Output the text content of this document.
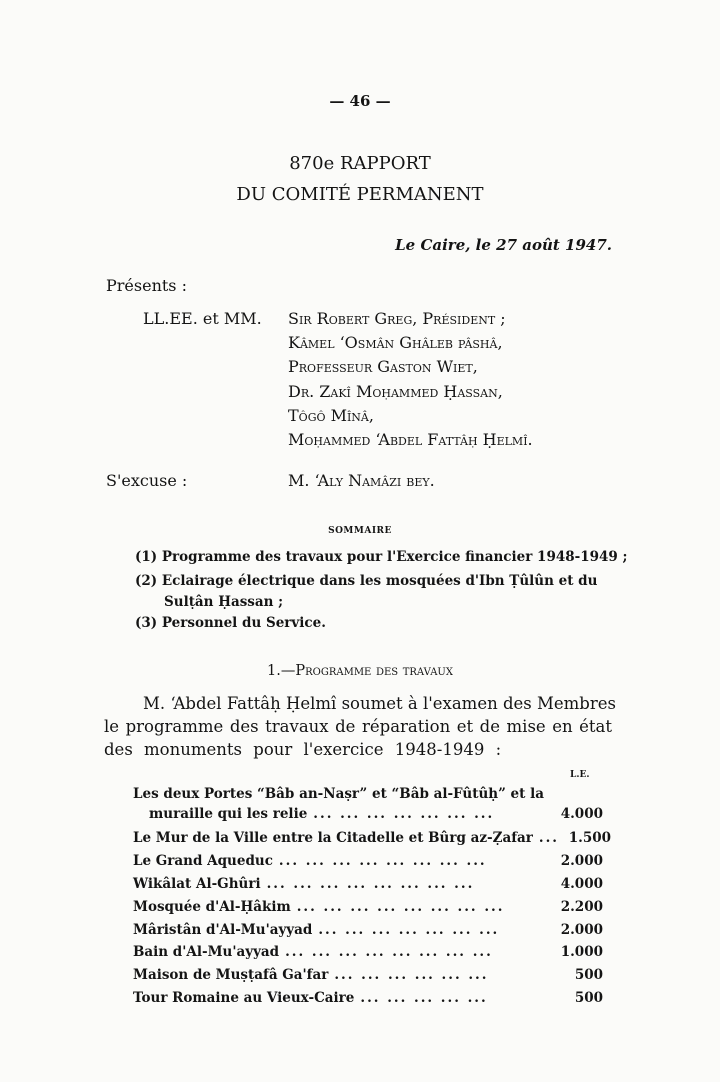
— 46 —
870e RAPPORT
DU COMITÉ PERMANENT
Le Caire, le 27 août 1947.
Présents :
LL.EE. et MM. Sir Robert Greg, Président ;
Kâmel ʻOsmân Ghâleb pâshâ,
Professeur Gaston Wiet,
Dr. Zakî Moḥammed Ḥassan,
Tôgô Mînâ,
Moḥammed ʻAbdel Fattâḥ Ḥelmî.
S'excuse :	M. ʻAly Namâzi bey.
SOMMAIRE
(1) Programme des travaux pour l'Exercice financier 1948-1949 ;
(2) Eclairage électrique dans les mosquées d'Ibn Ṭûlûn et du
Sulṭân Ḥassan ;
(3) Personnel du Service.
1.—Programme des travaux
M. ʻAbdel Fattâḥ Ḥelmî soumet à l'examen des Membres
le programme des travaux de réparation et de mise en état
des monuments pour l'exercice 1948-1949 :
L.E.
Les deux Portes “Bâb an-Naṣr” et “Bâb al-Fûtûḥ” et la
muraille qui les relie ... ... ... ... ... ... ...	4.000
Le Mur de la Ville entre la Citadelle et Bûrg az-Ẓafar ... 1.500
Le Grand Aqueduc ... ... ... ... ... ... ... ...	2.000
Wikâlat Al-Ghûri ... ... ... ... ... ... ... ...	4.000
Mosquée d'Al-Ḥâkim ... ... ... ... ... ... ... ...	2.200
Mâristân d'Al-Mu'ayyad ... ... ... ... ... ... ...	2.000
Bain d'Al-Mu'ayyad ... ... ... ... ... ... ... ...	1.000
Maison de Muṣṭafâ Ga'far ... ... ... ... ... ...	500
Tour Romaine au Vieux-Caire ... ... ... ... ...	500
